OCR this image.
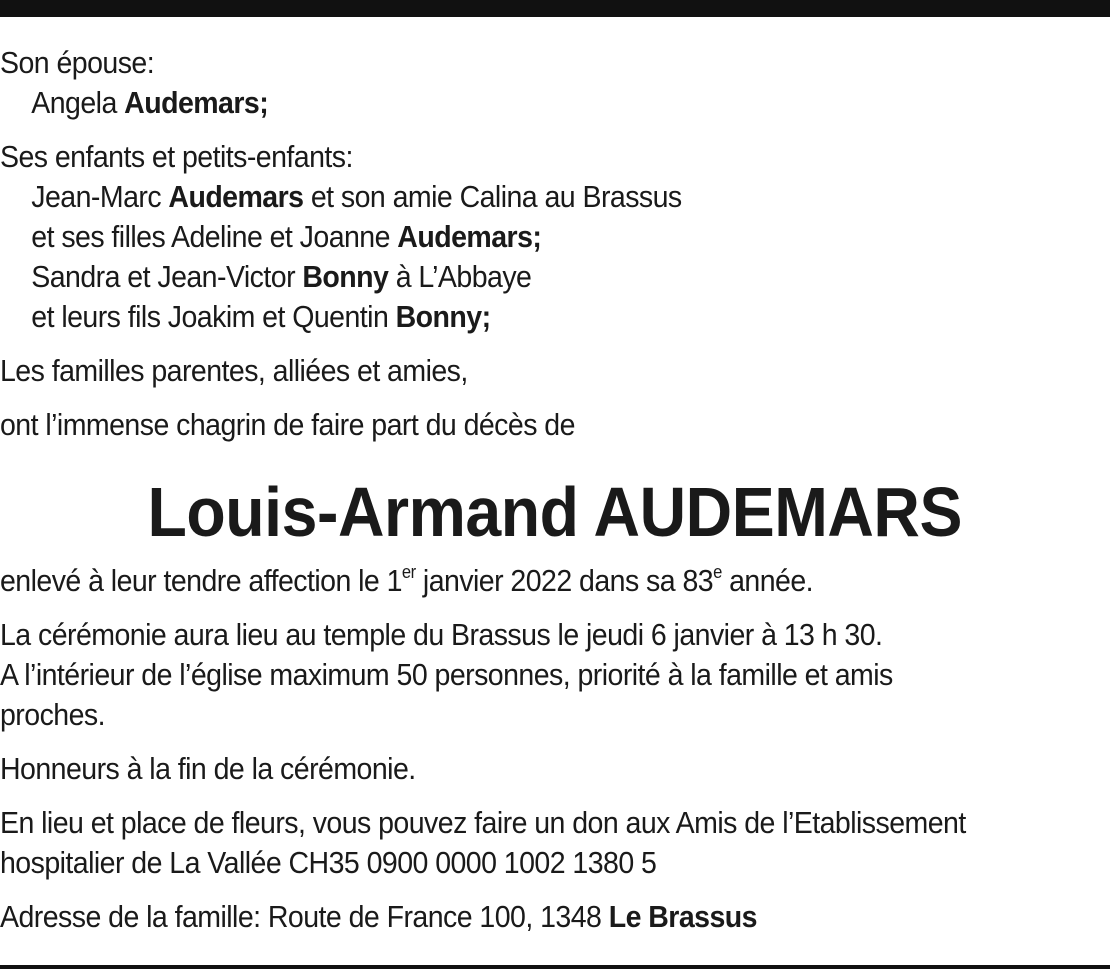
Son épouse:
Angela Audemars;
Ses enfants et petits-enfants:
Jean-Marc Audemars et son amie Calina au Brassus
et ses filles Adeline et Joanne Audemars;
Sandra et Jean-Victor Bonny à L’Abbaye
et leurs fils Joakim et Quentin Bonny;
Les familles parentes, alliées et amies,
ont l’immense chagrin de faire part du décès de
Louis-Armand AUDEMARS
enlevé à leur tendre affection le 1er janvier 2022 dans sa 83e année.
La cérémonie aura lieu au temple du Brassus le jeudi 6 janvier à 13 h 30.
A l’intérieur de l’église maximum 50 personnes, priorité à la famille et amis
proches.
Honneurs à la fin de la cérémonie.
En lieu et place de fleurs, vous pouvez faire un don aux Amis de l’Etablissement
hospitalier de La Vallée CH35 0900 0000 1002 1380 5
Adresse de la famille: Route de France 100, 1348 Le Brassus
